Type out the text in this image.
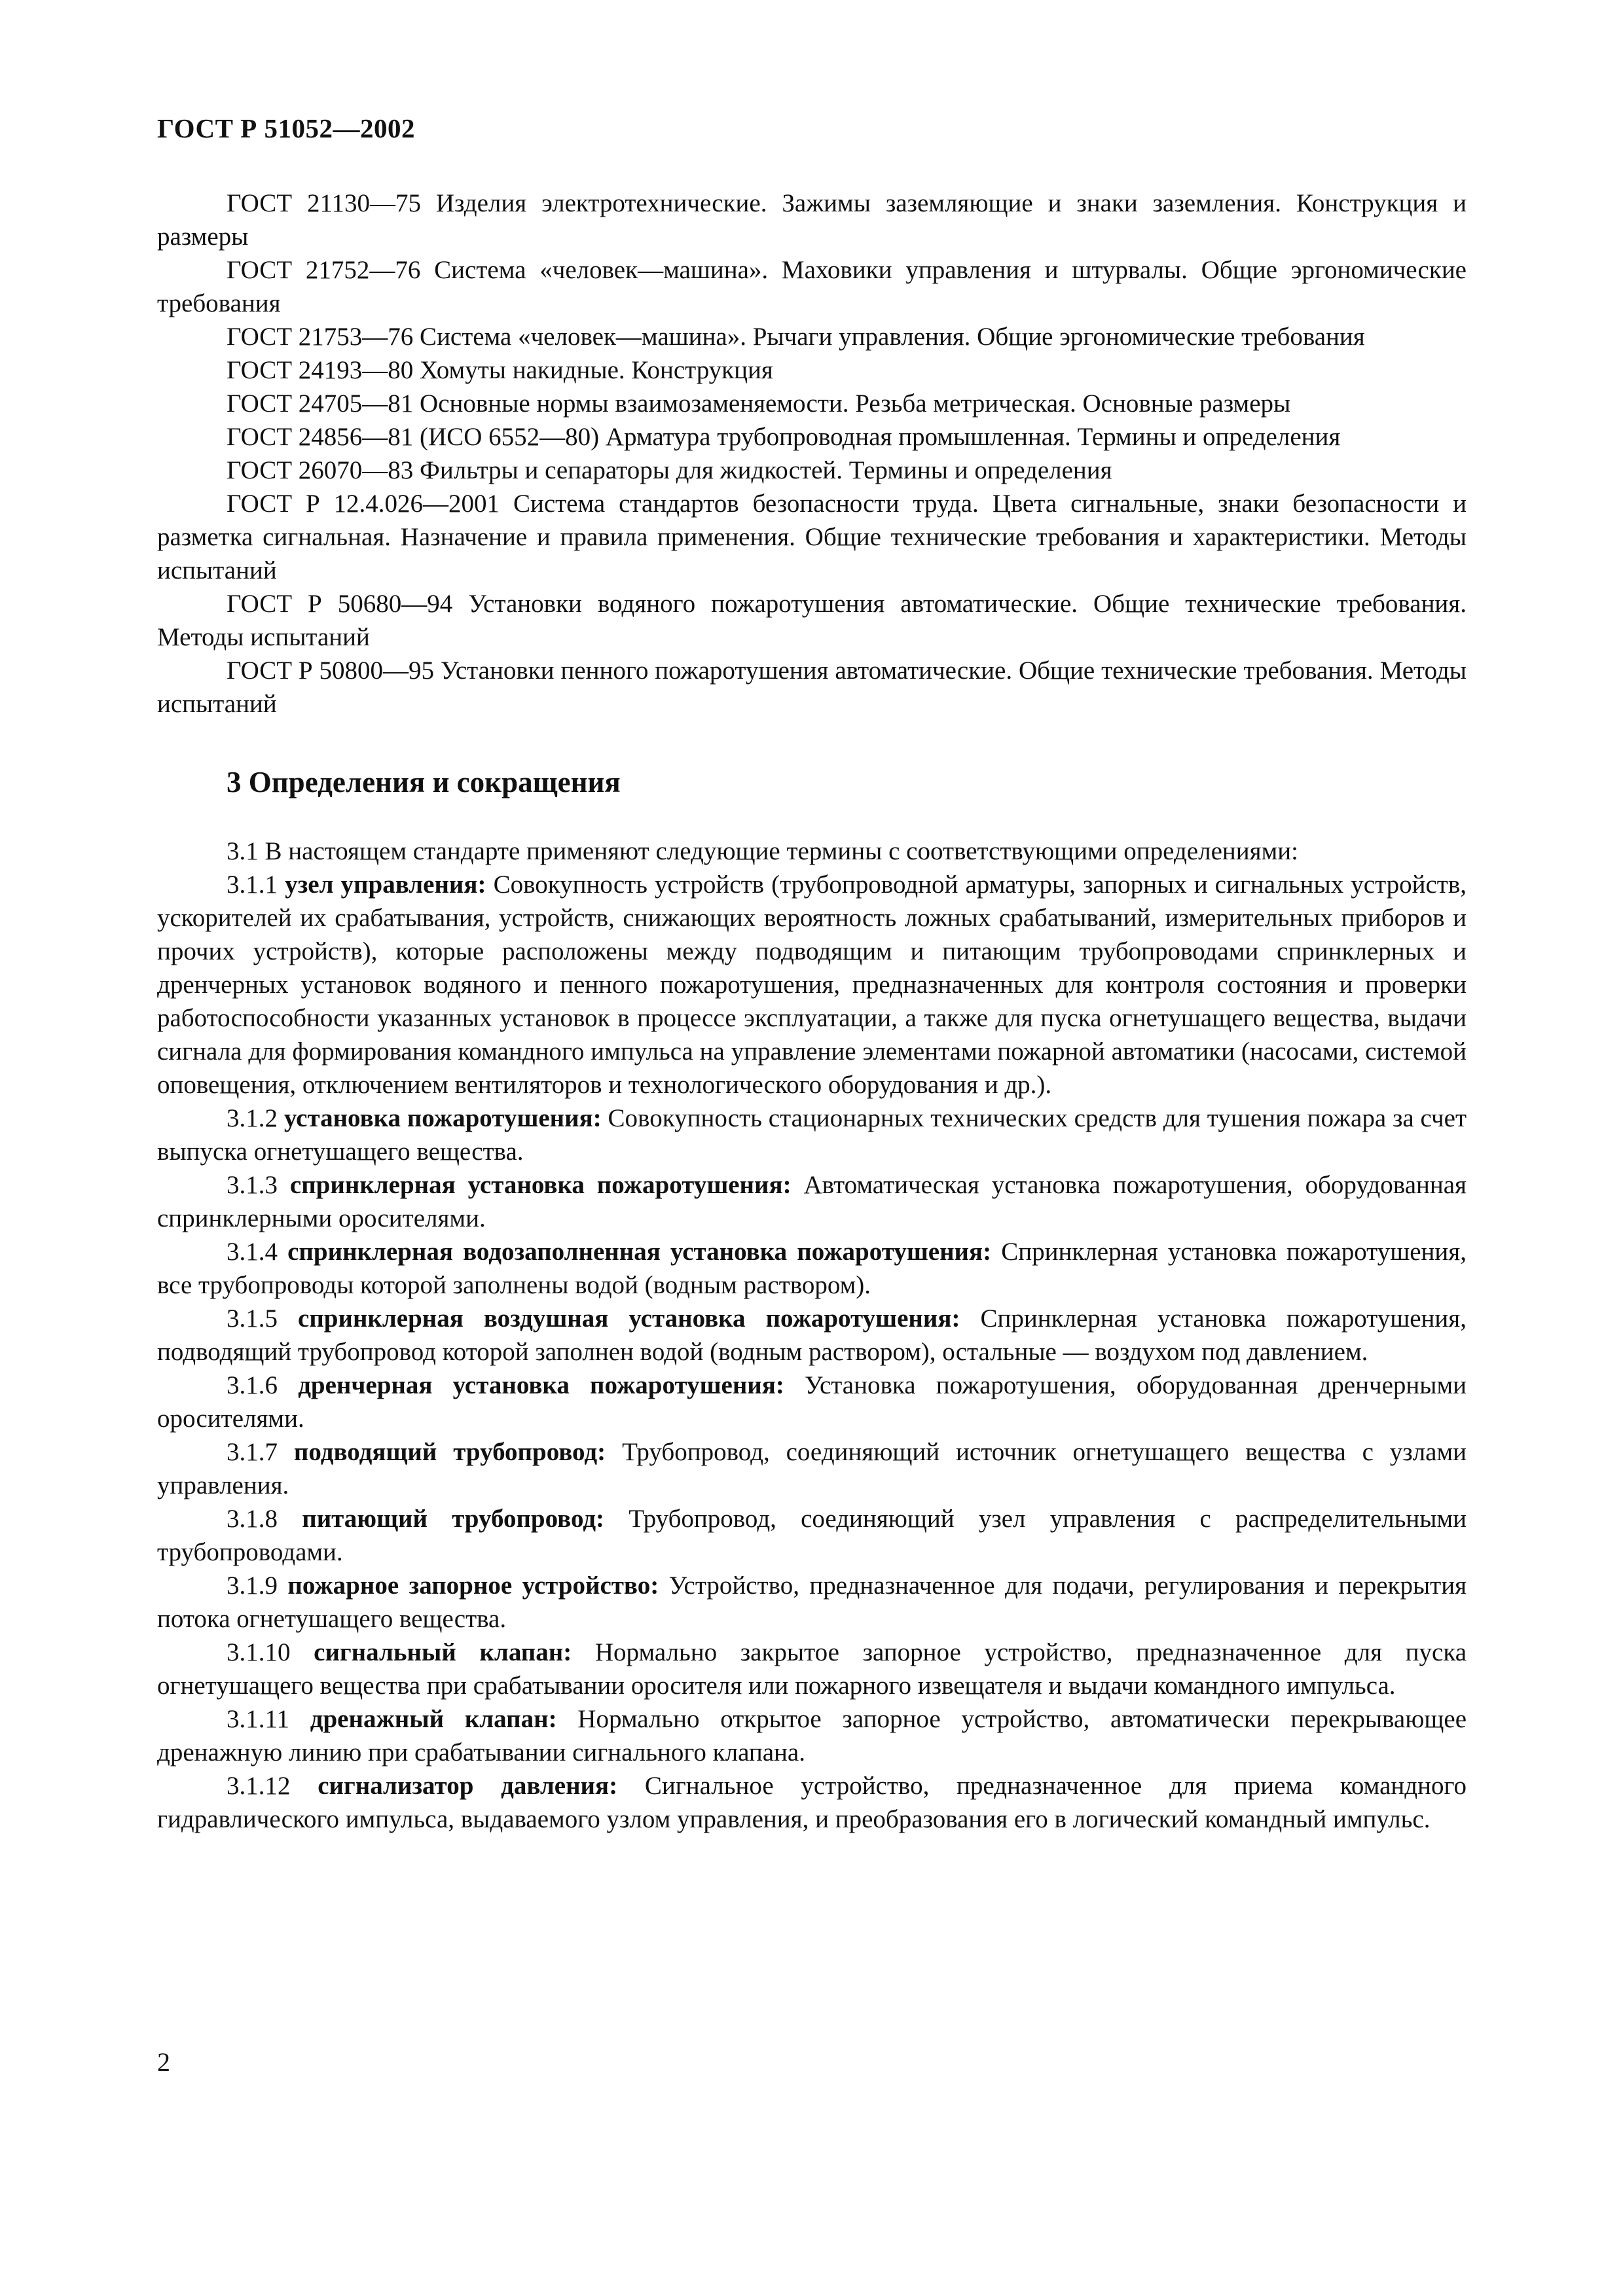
ГОСТ Р 51052—2002

ГОСТ 21130—75 Изделия электротехнические. Зажимы заземляющие и знаки заземления. Конструкция и размеры

ГОСТ 21752—76 Система «человек—машина». Маховики управления и штурвалы. Общие эргономические требования

ГОСТ 21753—76 Система «человек—машина». Рычаги управления. Общие эргономические требования

ГОСТ 24193—80 Хомуты накидные. Конструкция

ГОСТ 24705—81 Основные нормы взаимозаменяемости. Резьба метрическая. Основные размеры

ГОСТ 24856—81 (ИСО 6552—80) Арматура трубопроводная промышленная. Термины и определения

ГОСТ 26070—83 Фильтры и сепараторы для жидкостей. Термины и определения

ГОСТ Р 12.4.026—2001 Система стандартов безопасности труда. Цвета сигнальные, знаки безопасности и разметка сигнальная. Назначение и правила применения. Общие технические требования и характеристики. Методы испытаний

ГОСТ Р 50680—94 Установки водяного пожаротушения автоматические. Общие технические требования. Методы испытаний

ГОСТ Р 50800—95 Установки пенного пожаротушения автоматические. Общие технические требования. Методы испытаний

3 Определения и сокращения

3.1 В настоящем стандарте применяют следующие термины с соответствующими определениями:

3.1.1 узел управления: Совокупность устройств (трубопроводной арматуры, запорных и сигнальных устройств, ускорителей их срабатывания, устройств, снижающих вероятность ложных срабатываний, измерительных приборов и прочих устройств), которые расположены между подводящим и питающим трубопроводами спринклерных и дренчерных установок водяного и пенного пожаротушения, предназначенных для контроля состояния и проверки работоспособности указанных установок в процессе эксплуатации, а также для пуска огнетушащего вещества, выдачи сигнала для формирования командного импульса на управление элементами пожарной автоматики (насосами, системой оповещения, отключением вентиляторов и технологического оборудования и др.).

3.1.2 установка пожаротушения: Совокупность стационарных технических средств для тушения пожара за счет выпуска огнетушащего вещества.

3.1.3 спринклерная установка пожаротушения: Автоматическая установка пожаротушения, оборудованная спринклерными оросителями.

3.1.4 спринклерная водозаполненная установка пожаротушения: Спринклерная установка пожаротушения, все трубопроводы которой заполнены водой (водным раствором).

3.1.5 спринклерная воздушная установка пожаротушения: Спринклерная установка пожаротушения, подводящий трубопровод которой заполнен водой (водным раствором), остальные — воздухом под давлением.

3.1.6 дренчерная установка пожаротушения: Установка пожаротушения, оборудованная дренчерными оросителями.

3.1.7 подводящий трубопровод: Трубопровод, соединяющий источник огнетушащего вещества с узлами управления.

3.1.8 питающий трубопровод: Трубопровод, соединяющий узел управления с распределительными трубопроводами.

3.1.9 пожарное запорное устройство: Устройство, предназначенное для подачи, регулирования и перекрытия потока огнетушащего вещества.

3.1.10 сигнальный клапан: Нормально закрытое запорное устройство, предназначенное для пуска огнетушащего вещества при срабатывании оросителя или пожарного извещателя и выдачи командного импульса.

3.1.11 дренажный клапан: Нормально открытое запорное устройство, автоматически перекрывающее дренажную линию при срабатывании сигнального клапана.

3.1.12 сигнализатор давления: Сигнальное устройство, предназначенное для приема командного гидравлического импульса, выдаваемого узлом управления, и преобразования его в логический командный импульс.

2
